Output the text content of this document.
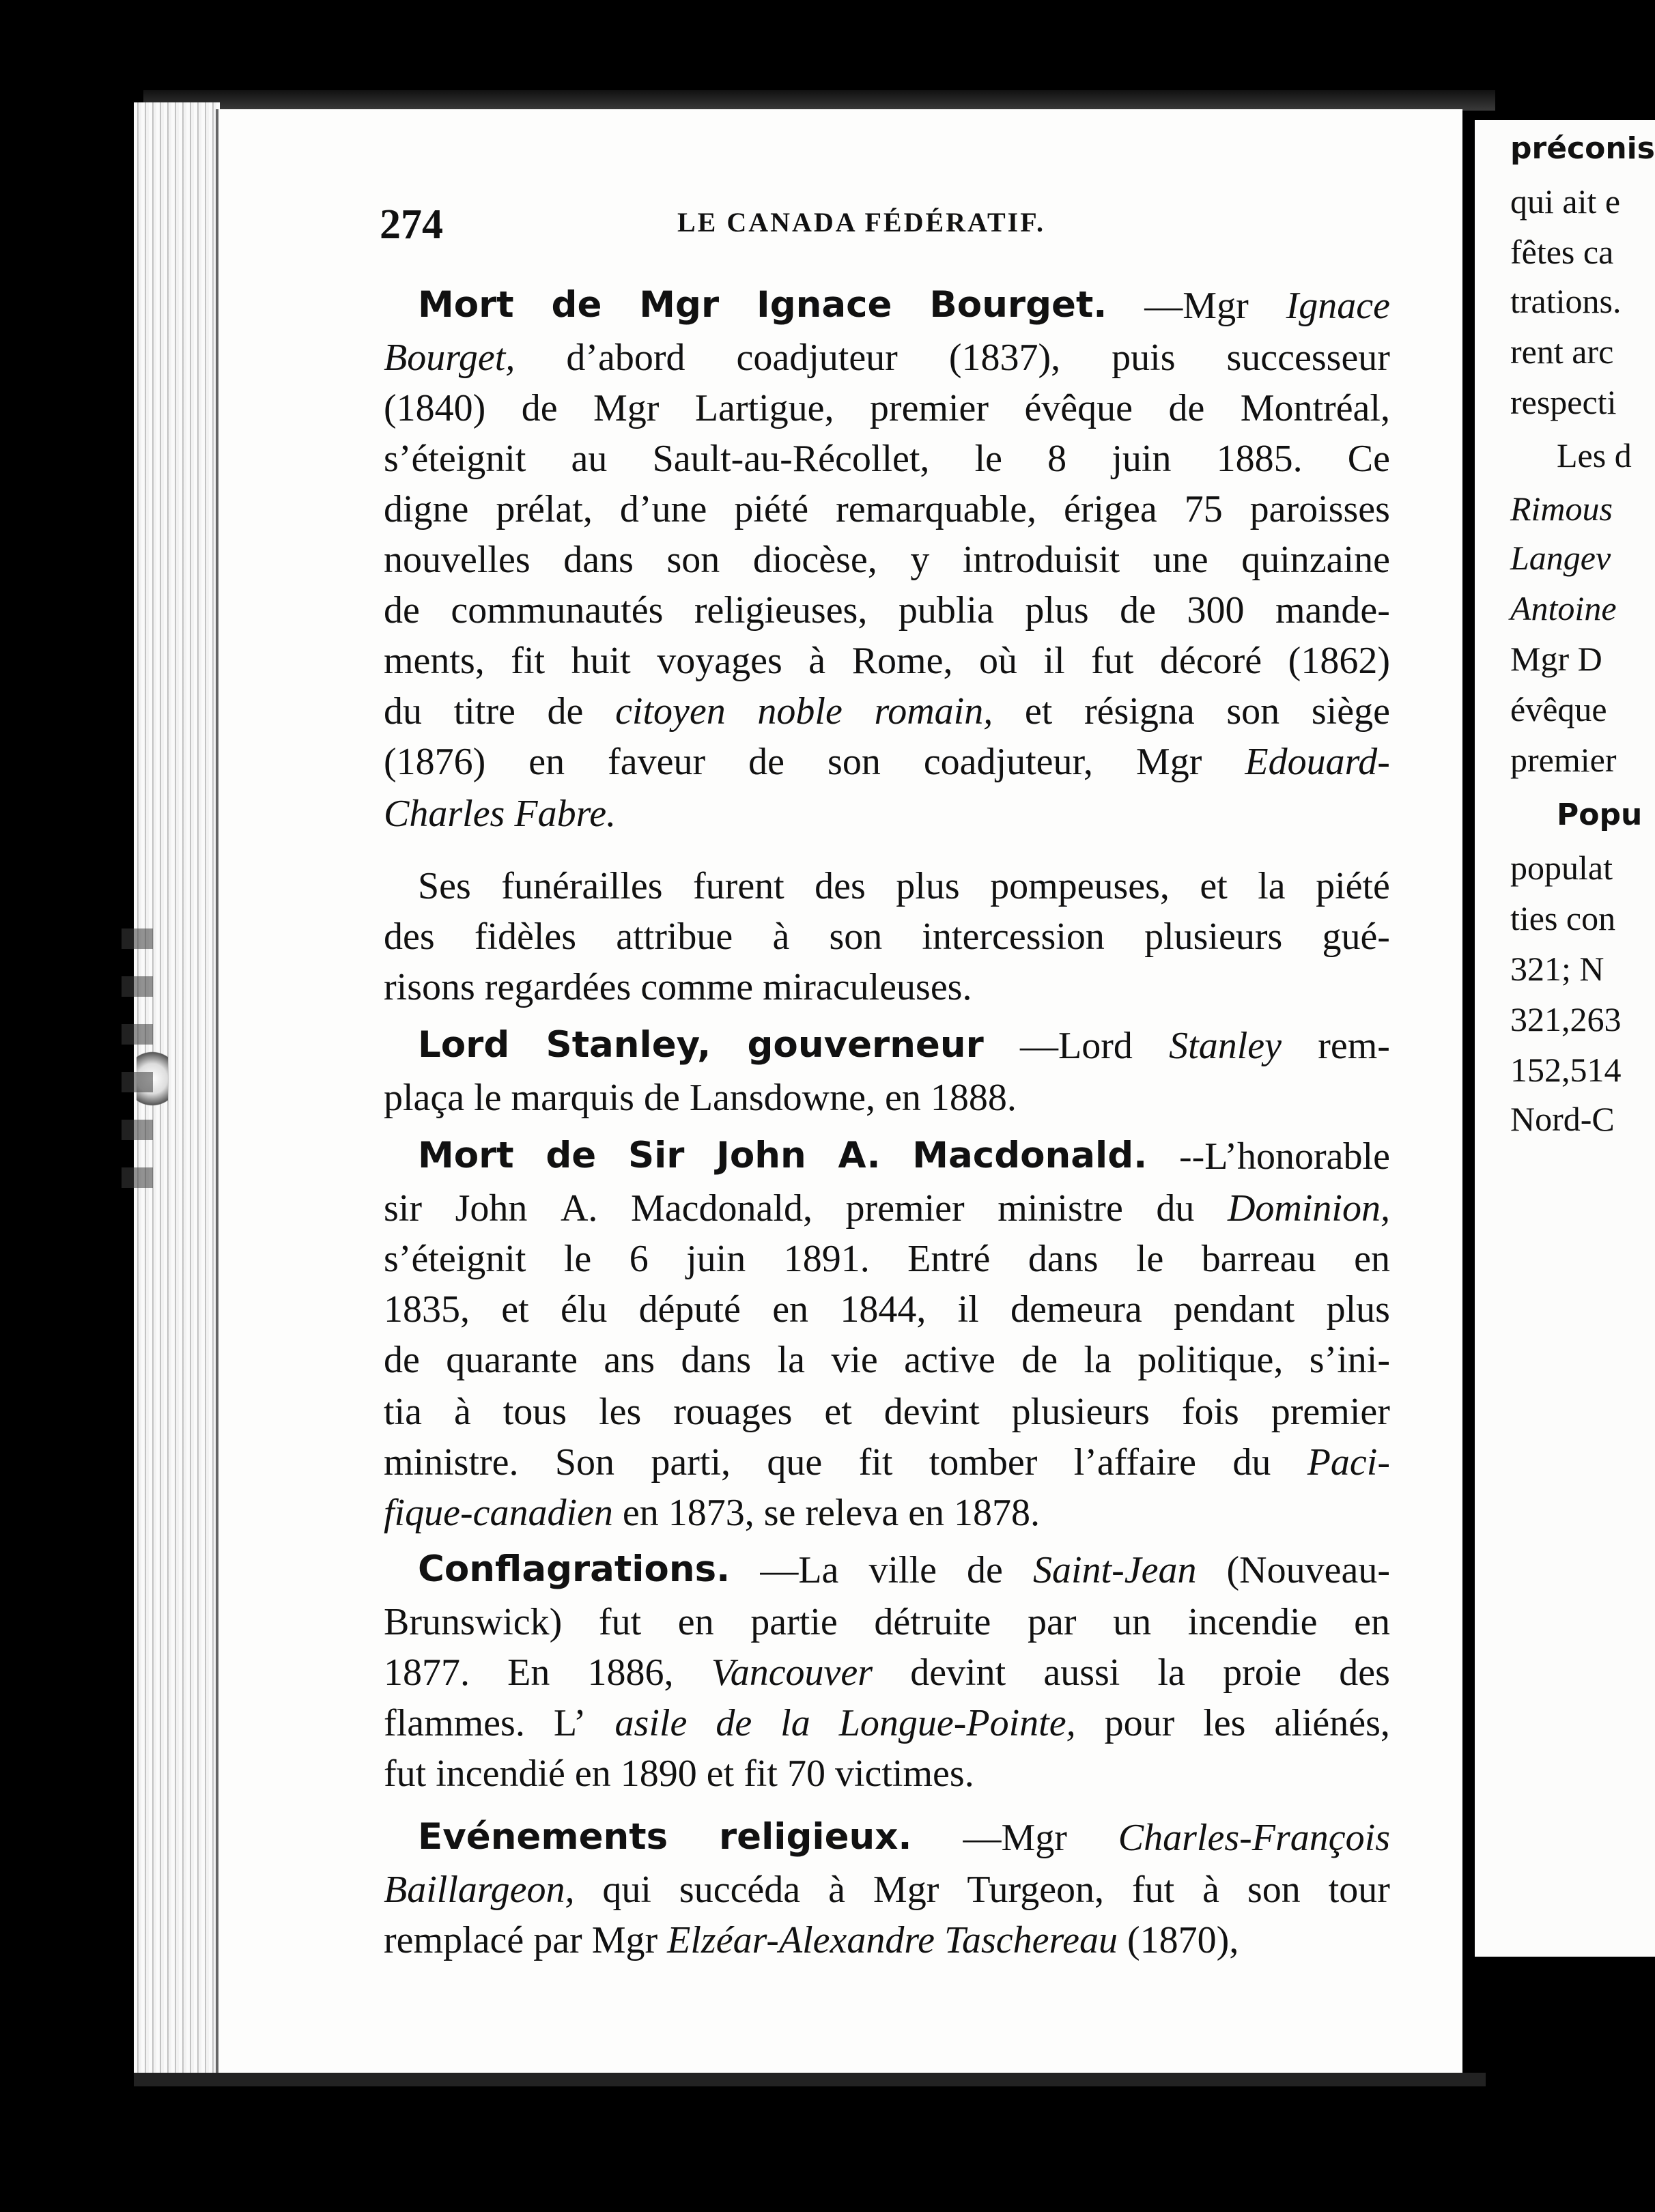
274	LE CANADA FÉDÉRATIF.
Mort de Mgr Ignace Bourget. —Mgr Ignace
Bourget, d’abord coadjuteur (1837), puis successeur
(1840) de Mgr Lartigue, premier évêque de Montréal,
s’éteignit au Sault-au-Récollet, le 8 juin 1885. Ce
digne prélat, d’une piété remarquable, érigea 75 paroisses
nouvelles dans son diocèse, y introduisit une quinzaine
de communautés religieuses, publia plus de 300 mande-
ments, fit huit voyages à Rome, où il fut décoré (1862)
du titre de citoyen noble romain, et résigna son siège
(1876) en faveur de son coadjuteur, Mgr Edouard-
Charles
Fabre.
Ses funérailles furent des plus pompeuses, et la piété
des fidèles attribue à son intercession plusieurs gué-
risons
regardées
comme
miraculeuses.
Lord Stanley, gouverneur —Lord Stanley rem-
plaça
le
marquis
de
Lansdowne,
en
1888.
Mort de Sir John A. Macdonald. --L’honorable
sir John A. Macdonald, premier ministre du Dominion,
s’éteignit le 6 juin 1891. Entré dans le barreau en
1835, et élu député en 1844, il demeura pendant plus
de quarante ans dans la vie active de la politique, s’ini-
tia à tous les rouages et devint plusieurs fois premier
ministre. Son parti, que fit tomber l’affaire du Paci-
fique-canadien
en
1873,
se
releva
en
1878.
Conflagrations. —La ville de Saint-Jean (Nouveau-
Brunswick) fut en partie détruite par un incendie en
1877. En 1886, Vancouver devint aussi la proie des
flammes. L’ asile de la Longue-Pointe, pour les aliénés,
fut
incendié
en
1890
et
fit
70
victimes.
Evénements religieux. —Mgr Charles-François
Baillargeon, qui succéda à Mgr Turgeon, fut à son tour
remplacé
par
Mgr
Elzéar-Alexandre
Taschereau
(1870),
préconis
qui ait e
fêtes ca
trations.
rent arc
respecti
Les d
Rimous
Langev
Antoine
Mgr D
évêque
premier
Popu
populat
ties con
321; N
321,263
152,514
Nord-C
